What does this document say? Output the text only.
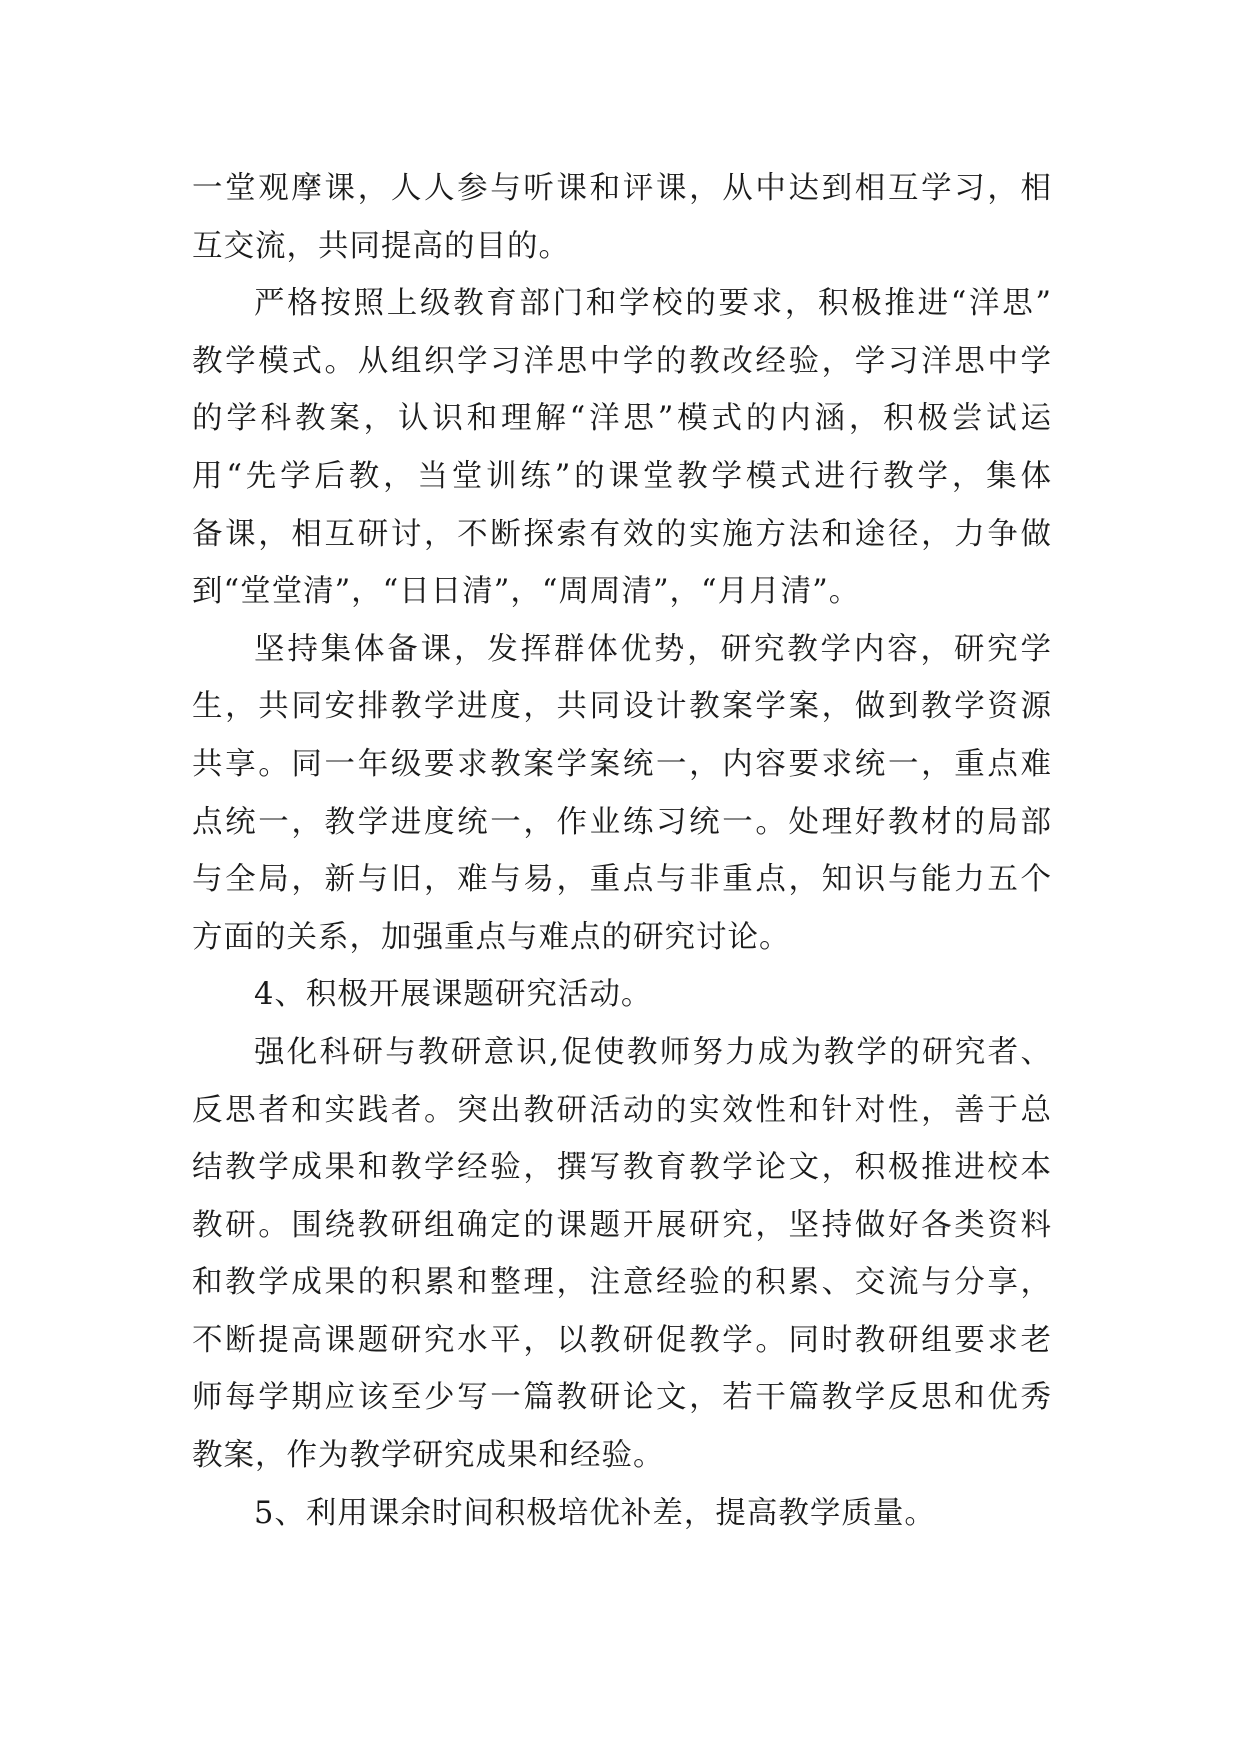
一堂观摩课，人人参与听课和评课，从中达到相互学习，相
互交流，共同提高的目的。
严格按照上级教育部门和学校的要求，积极推进“洋思”
教学模式。从组织学习洋思中学的教改经验，学习洋思中学
的学科教案，认识和理解“洋思”模式的内涵，积极尝试运
用“先学后教，当堂训练”的课堂教学模式进行教学，集体
备课，相互研讨，不断探索有效的实施方法和途径，力争做
到“堂堂清”，“日日清”，“周周清”，“月月清”。
坚持集体备课，发挥群体优势，研究教学内容，研究学
生，共同安排教学进度，共同设计教案学案，做到教学资源
共享。同一年级要求教案学案统一，内容要求统一，重点难
点统一，教学进度统一，作业练习统一。处理好教材的局部
与全局，新与旧，难与易，重点与非重点，知识与能力五个
方面的关系，加强重点与难点的研究讨论。
4、积极开展课题研究活动。
强化科研与教研意识,促使教师努力成为教学的研究者、
反思者和实践者。突出教研活动的实效性和针对性，善于总
结教学成果和教学经验，撰写教育教学论文，积极推进校本
教研。围绕教研组确定的课题开展研究，坚持做好各类资料
和教学成果的积累和整理，注意经验的积累、交流与分享，
不断提高课题研究水平，以教研促教学。同时教研组要求老
师每学期应该至少写一篇教研论文，若干篇教学反思和优秀
教案，作为教学研究成果和经验。
5、利用课余时间积极培优补差，提高教学质量。
